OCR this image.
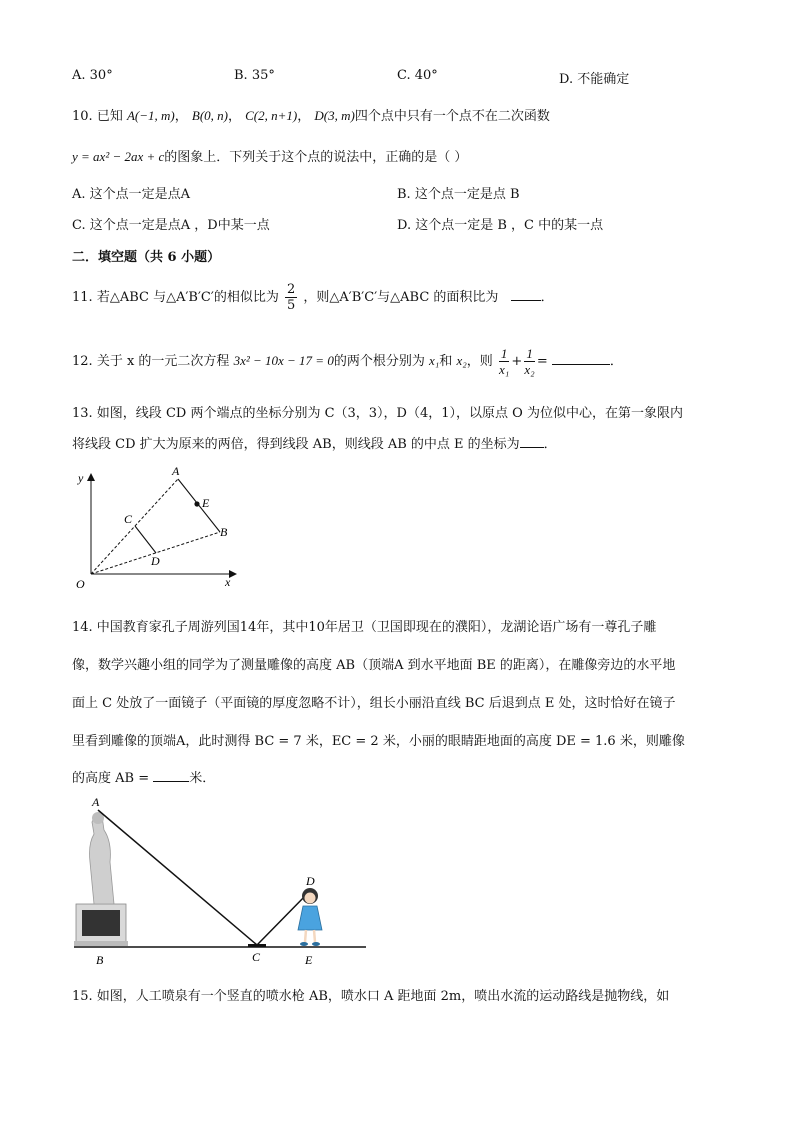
A. 30°	B. 35°	C. 40°	D. 不能确定
10. 已知 A(−1, m)， B(0, n)， C(2, n+1)， D(3, m)四个点中只有一个点不在二次函数
y = ax² − 2ax + c的图象上．下列关于这个点的说法中，正确的是（ ）
A. 这个点一定是点A	B. 这个点一定是点 B
C. 这个点一定是点A ，D中某一点	D. 这个点一定是 B ，C 中的某一点
二．填空题（共 6 小题）
11. 若△ABC 与△A′B′C′的相似比为 $\frac{2}{5}$ ，则△A′B′C′与△ABC 的面积比为	．
12. 关于 x 的一元二次方程 3x² − 10x − 17 = 0的两个根分别为 x₁和 x₂，则 $\frac{1}{\text{x₁}} + \frac{1}{\text{x₂}}$ =	．
13. 如图，线段 CD 两个端点的坐标分别为 C（3，3），D（4，1），以原点 O 为位似中心，在第一象限内
将线段 CD 扩大为原来的两倍，得到线段 AB，则线段 AB 的中点 E 的坐标为 ．
y
x
O
A
B
C
D
E
14. 中国教育家孔子周游列国14年，其中10年居卫（卫国即现在的濮阳），龙湖论语广场有一尊孔子雕
像，数学兴趣小组的同学为了测量雕像的高度 AB（顶端A 到水平地面 BE 的距离），在雕像旁边的水平地
面上 C 处放了一面镜子（平面镜的厚度忽略不计），组长小丽沿直线 BC 后退到点 E 处，这时恰好在镜子
里看到雕像的顶端A，此时测得 BC = 7 米，EC = 2 米，小丽的眼睛距地面的高度 DE = 1.6 米，则雕像
的高度 AB =	米．
A
B	C
D
E
15. 如图，人工喷泉有一个竖直的喷水枪 AB，喷水口 A 距地面 2m，喷出水流的运动路线是抛物线，如
